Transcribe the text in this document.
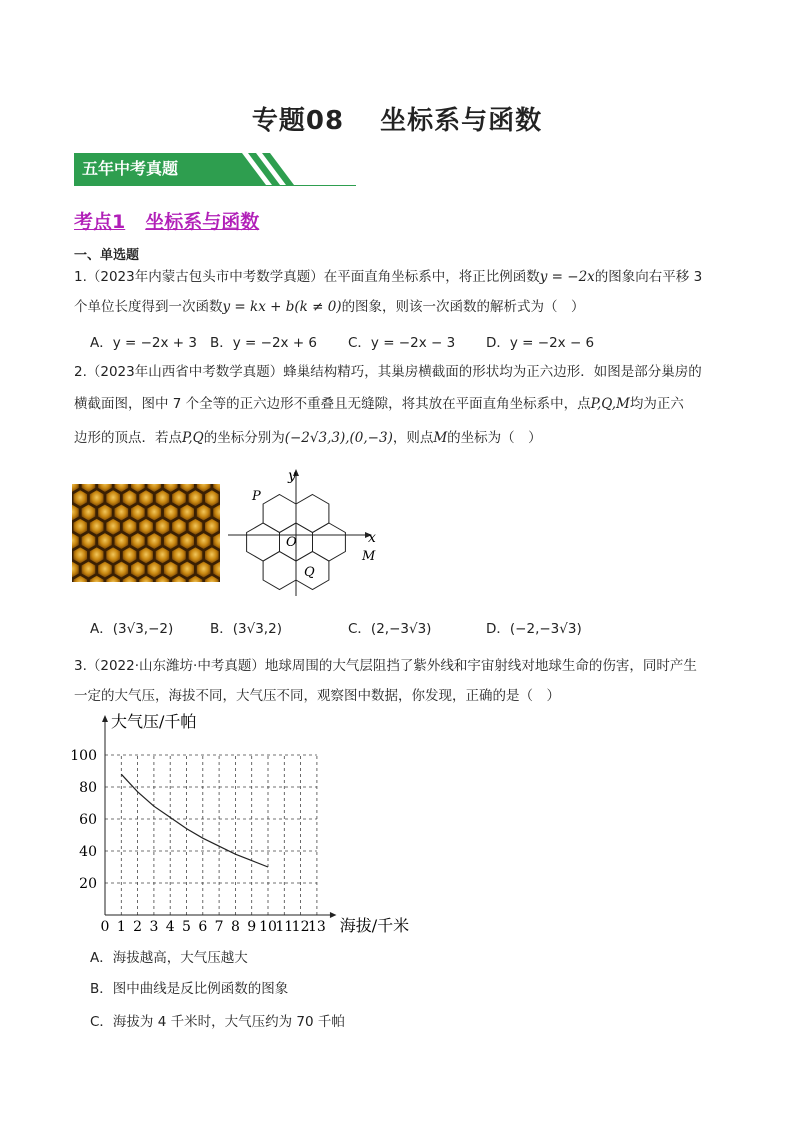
专题08 坐标系与函数
五年中考真题
考点1 坐标系与函数
一、单选题
1.（2023年内蒙古包头市中考数学真题）在平面直角坐标系中，将正比例函数y = −2x的图象向右平移 3
个单位长度得到一次函数y = kx + b(k ≠ 0)的图象，则该一次函数的解析式为（　）
A．y = −2x + 3 B．y = −2x + 6 C．y = −2x − 3 D．y = −2x − 6
2.（2023年山西省中考数学真题）蜂巢结构精巧，其巢房横截面的形状均为正六边形．如图是部分巢房的
横截面图，图中 7 个全等的正六边形不重叠且无缝隙，将其放在平面直角坐标系中，点P,Q,M均为正六
边形的顶点．若点P,Q的坐标分别为(−2√3,3),(0,−3)，则点M的坐标为（　）
y
x
P
O
Q
M
A．(3√3,−2)	B．(3√3,2)	C．(2,−3√3)	D．(−2,−3√3)
3.（2022·山东潍坊·中考真题）地球周围的大气层阻挡了紫外线和宇宙射线对地球生命的伤害，同时产生
一定的大气压，海拔不同，大气压不同，观察图中数据，你发现，正确的是（　）
0 1 2 3 4 5 6 7 8 9 10
11
12
13
20
40
60
80
100
大气压/千帕
海拔/千米
A．海拔越高，大气压越大
B．图中曲线是反比例函数的图象
C．海拔为 4 千米时，大气压约为 70 千帕
